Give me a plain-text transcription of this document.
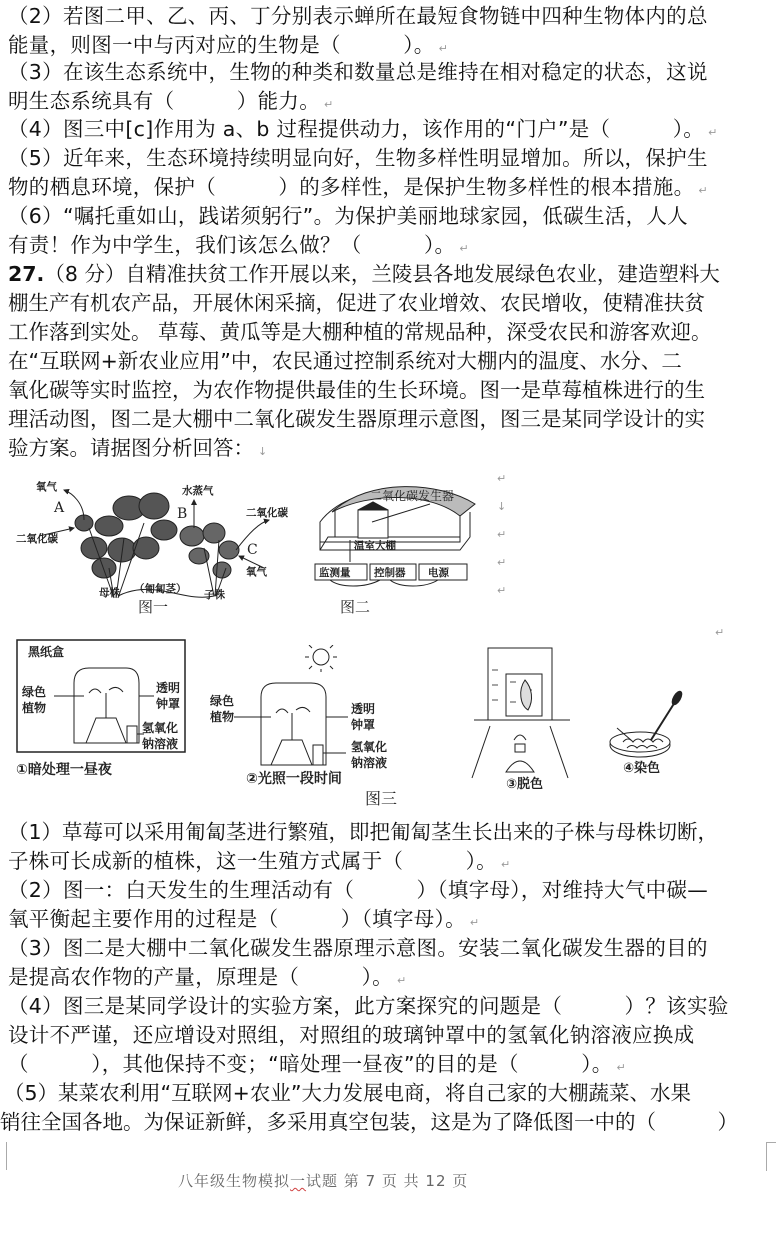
（2）若图二甲、乙、丙、丁分别表示蝉所在最短食物链中四种生物体内的总
能量，则图一中与丙对应的生物是（　　　）。 ↵
（3）在该生态系统中，生物的种类和数量总是维持在相对稳定的状态，这说
明生态系统具有（　　　）能力。 ↵
（4）图三中[c]作用为 a、b 过程提供动力，该作用的“门户”是（　　　）。 ↵
（5）近年来，生态环境持续明显向好，生物多样性明显增加。所以，保护生
物的栖息环境，保护（　　　）的多样性，是保护生物多样性的根本措施。 ↵
（6）“嘱托重如山，践诺须躬行”。为保护美丽地球家园，低碳生活，人人
有责！作为中学生，我们该怎么做？（　　　）。 ↵
27.（8 分）自精准扶贫工作开展以来，兰陵县各地发展绿色农业，建造塑料大
棚生产有机农产品，开展休闲采摘，促进了农业增效、农民增收，使精准扶贫
工作落到实处。 草莓、黄瓜等是大棚种植的常规品种，深受农民和游客欢迎。
在“互联网+新农业应用”中，农民通过控制系统对大棚内的温度、水分、二
氧化碳等实时监控，为农作物提供最佳的生长环境。图一是草莓植株进行的生
理活动图，图二是大棚中二氧化碳发生器原理示意图，图三是某同学设计的实
验方案。请据图分析回答： ↓
氧气
A
二氧化碳
水蒸气
B	二氧化碳
C
氧气
母株 （匍匐茎） 子株
图一
二氧化碳发生器
温室大棚
监测量 控制器 电源
图二
↵
↓
↵
↵
↵
↵
黑纸盒
绿色
植物
透明
钟罩
氢氧化
钠溶液
①暗处理一昼夜
绿色
植物
透明
钟罩
氢氧化
钠溶液
②光照一段时间	③脱色
④染色
图三
（1）草莓可以采用匍匐茎进行繁殖，即把匍匐茎生长出来的子株与母株切断，
子株可长成新的植株，这一生殖方式属于（　　　）。 ↵
（2）图一：白天发生的生理活动有（　　　）（填字母），对维持大气中碳—
氧平衡起主要作用的过程是（　　　）（填字母）。 ↵
（3）图二是大棚中二氧化碳发生器原理示意图。安装二氧化碳发生器的目的
是提高农作物的产量，原理是（　　　）。 ↵
（4）图三是某同学设计的实验方案，此方案探究的问题是（　　　）？该实验
设计不严谨，还应增设对照组，对照组的玻璃钟罩中的氢氧化钠溶液应换成
（　　　），其他保持不变；“暗处理一昼夜”的目的是（　　　）。 ↵
（5）某菜农利用“互联网+农业”大力发展电商，将自己家的大棚蔬菜、水果
销往全国各地。为保证新鲜，多采用真空包装，这是为了降低图一中的（　　　）
八年级生物模拟一试题 第 7 页 共 12 页
